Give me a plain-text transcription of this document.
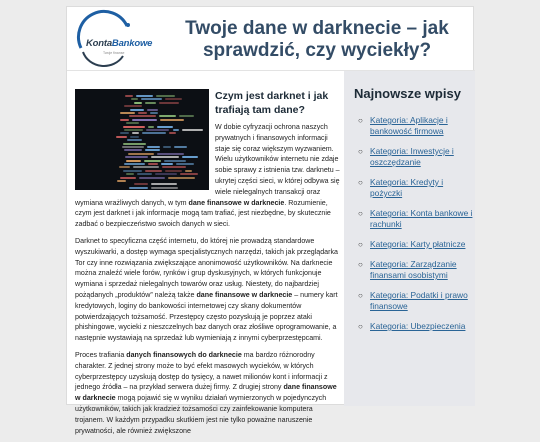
KontaBankowe
Twoje finanse
Twoje dane w darknecie – jak sprawdzić, czy wyciekły?
Czym jest darknet i jak trafiają tam dane?

W dobie cyfryzacji ochrona naszych prywatnych i finansowych informacji staje się coraz większym wyzwaniem. Wielu użytkowników internetu nie zdaje sobie sprawy z istnienia tzw. darknetu – ukrytej części sieci, w której odbywa się wiele nielegalnych transakcji oraz wymiana wrażliwych danych, w tym dane finansowe w darknecie. Rozumienie, czym jest darknet i jak informacje mogą tam trafiać, jest niezbędne, by skutecznie zadbać o bezpieczeństwo swoich danych w sieci.

Darknet to specyficzna część internetu, do której nie prowadzą standardowe wyszukiwarki, a dostęp wymaga specjalistycznych narzędzi, takich jak przeglądarka Tor czy inne rozwiązania zwiększające anonimowość użytkowników. Na darknecie można znaleźć wiele forów, rynków i grup dyskusyjnych, w których funkcjonuje wymiana i sprzedaż nielegalnych towarów oraz usług. Niestety, do najbardziej pożądanych „produktów” należą także dane finansowe w darknecie – numery kart kredytowych, loginy do bankowości internetowej czy skany dokumentów potwierdzających tożsamość. Przestępcy często pozyskują je poprzez ataki phishingowe, wycieki z nieszczelnych baz danych oraz złośliwe oprogramowanie, a następnie wystawiają na sprzedaż lub wymieniają z innymi cyberprzestępcami.

Proces trafiania danych finansowych do darknecie ma bardzo różnorodny charakter. Z jednej strony może to być efekt masowych wycieków, w których cyberprzestępcy uzyskują dostęp do tysięcy, a nawet milionów kont i informacji z jednego źródła – na przykład serwera dużej firmy. Z drugiej strony dane finansowe w darknecie mogą pojawić się w wyniku działań wymierzonych w pojedynczych użytkowników, takich jak kradzież tożsamości czy zainfekowanie komputera trojanem. W każdym przypadku skutkiem jest nie tylko poważne naruszenie prywatności, ale również zwiększone

Najnowsze wpisy
○ Kategoria: Aplikacje i bankowość firmowa
○ Kategoria: Inwestycje i oszczędzanie
○ Kategoria: Kredyty i pożyczki
○ Kategoria: Konta bankowe i rachunki
○ Kategoria: Karty płatnicze
○ Kategoria: Zarządzanie finansami osobistymi
○ Kategoria: Podatki i prawo finansowe
○ Kategoria: Ubezpieczenia
